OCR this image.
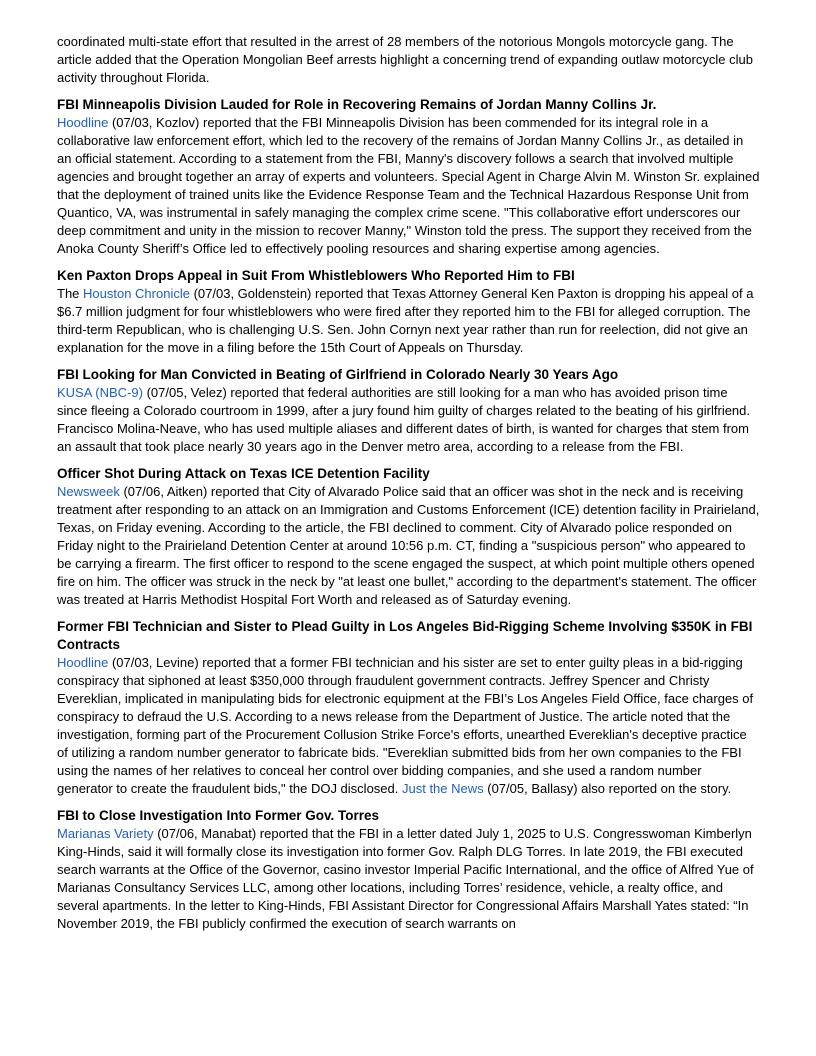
coordinated multi-state effort that resulted in the arrest of 28 members of the notorious Mongols motorcycle gang. The article added that the Operation Mongolian Beef arrests highlight a concerning trend of expanding outlaw motorcycle club activity throughout Florida.

FBI Minneapolis Division Lauded for Role in Recovering Remains of Jordan Manny Collins Jr.

Hoodline (07/03, Kozlov) reported that the FBI Minneapolis Division has been commended for its integral role in a collaborative law enforcement effort, which led to the recovery of the remains of Jordan Manny Collins Jr., as detailed in an official statement. According to a statement from the FBI, Manny's discovery follows a search that involved multiple agencies and brought together an array of experts and volunteers. Special Agent in Charge Alvin M. Winston Sr. explained that the deployment of trained units like the Evidence Response Team and the Technical Hazardous Response Unit from Quantico, VA, was instrumental in safely managing the complex crime scene. "This collaborative effort underscores our deep commitment and unity in the mission to recover Manny," Winston told the press. The support they received from the Anoka County Sheriff’s Office led to effectively pooling resources and sharing expertise among agencies.

Ken Paxton Drops Appeal in Suit From Whistleblowers Who Reported Him to FBI

The Houston Chronicle (07/03, Goldenstein) reported that Texas Attorney General Ken Paxton is dropping his appeal of a $6.7 million judgment for four whistleblowers who were fired after they reported him to the FBI for alleged corruption. The third-term Republican, who is challenging U.S. Sen. John Cornyn next year rather than run for reelection, did not give an explanation for the move in a filing before the 15th Court of Appeals on Thursday.

FBI Looking for Man Convicted in Beating of Girlfriend in Colorado Nearly 30 Years Ago

KUSA (NBC-9) (07/05, Velez) reported that federal authorities are still looking for a man who has avoided prison time since fleeing a Colorado courtroom in 1999, after a jury found him guilty of charges related to the beating of his girlfriend. Francisco Molina-Neave, who has used multiple aliases and different dates of birth, is wanted for charges that stem from an assault that took place nearly 30 years ago in the Denver metro area, according to a release from the FBI.

Officer Shot During Attack on Texas ICE Detention Facility

Newsweek (07/06, Aitken) reported that City of Alvarado Police said that an officer was shot in the neck and is receiving treatment after responding to an attack on an Immigration and Customs Enforcement (ICE) detention facility in Prairieland, Texas, on Friday evening. According to the article, the FBI declined to comment. City of Alvarado police responded on Friday night to the Prairieland Detention Center at around 10:56 p.m. CT, finding a "suspicious person" who appeared to be carrying a firearm. The first officer to respond to the scene engaged the suspect, at which point multiple others opened fire on him. The officer was struck in the neck by "at least one bullet," according to the department's statement. The officer was treated at Harris Methodist Hospital Fort Worth and released as of Saturday evening.

Former FBI Technician and Sister to Plead Guilty in Los Angeles Bid-Rigging Scheme Involving $350K in FBI Contracts

Hoodline (07/03, Levine) reported that a former FBI technician and his sister are set to enter guilty pleas in a bid-rigging conspiracy that siphoned at least $350,000 through fraudulent government contracts. Jeffrey Spencer and Christy Evereklian, implicated in manipulating bids for electronic equipment at the FBI’s Los Angeles Field Office, face charges of conspiracy to defraud the U.S. According to a news release from the Department of Justice. The article noted that the investigation, forming part of the Procurement Collusion Strike Force's efforts, unearthed Evereklian's deceptive practice of utilizing a random number generator to fabricate bids. "Evereklian submitted bids from her own companies to the FBI using the names of her relatives to conceal her control over bidding companies, and she used a random number generator to create the fraudulent bids," the DOJ disclosed. Just the News (07/05, Ballasy) also reported on the story.

FBI to Close Investigation Into Former Gov. Torres

Marianas Variety (07/06, Manabat) reported that the FBI in a letter dated July 1, 2025 to U.S. Congresswoman Kimberlyn King-Hinds, said it will formally close its investigation into former Gov. Ralph DLG Torres. In late 2019, the FBI executed search warrants at the Office of the Governor, casino investor Imperial Pacific International, and the office of Alfred Yue of Marianas Consultancy Services LLC, among other locations, including Torres’ residence, vehicle, a realty office, and several apartments. In the letter to King-Hinds, FBI Assistant Director for Congressional Affairs Marshall Yates stated: “In November 2019, the FBI publicly confirmed the execution of search warrants on
